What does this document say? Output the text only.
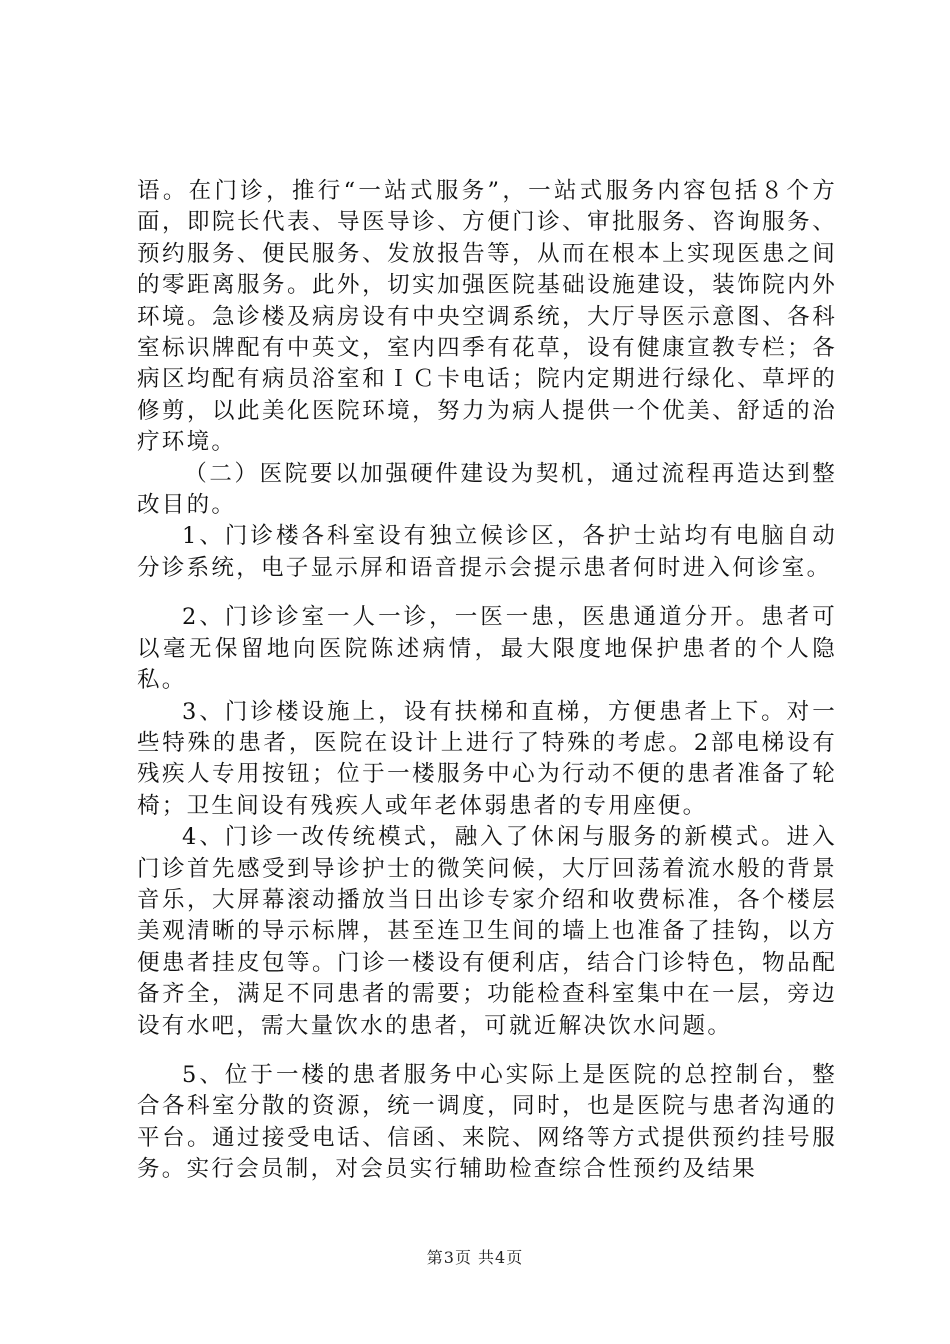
语。在门诊，推行“一站式服务”，一站式服务内容包括８个方面，即院长代表、导医导诊、方便门诊、审批服务、咨询服务、预约服务、便民服务、发放报告等，从而在根本上实现医患之间的零距离服务。此外，切实加强医院基础设施建设，装饰院内外环境。急诊楼及病房设有中央空调系统，大厅导医示意图、各科室标识牌配有中英文，室内四季有花草，设有健康宣教专栏；各病区均配有病员浴室和ＩＣ卡电话；院内定期进行绿化、草坪的修剪，以此美化医院环境，努力为病人提供一个优美、舒适的治疗环境。

（二）医院要以加强硬件建设为契机，通过流程再造达到整改目的。

1、门诊楼各科室设有独立候诊区，各护士站均有电脑自动分诊系统，电子显示屏和语音提示会提示患者何时进入何诊室。

2、门诊诊室一人一诊，一医一患，医患通道分开。患者可以毫无保留地向医院陈述病情，最大限度地保护患者的个人隐私。

3、门诊楼设施上，设有扶梯和直梯，方便患者上下。对一些特殊的患者，医院在设计上进行了特殊的考虑。2部电梯设有残疾人专用按钮；位于一楼服务中心为行动不便的患者准备了轮椅；卫生间设有残疾人或年老体弱患者的专用座便。

4、门诊一改传统模式，融入了休闲与服务的新模式。进入门诊首先感受到导诊护士的微笑问候，大厅回荡着流水般的背景音乐，大屏幕滚动播放当日出诊专家介绍和收费标准，各个楼层美观清晰的导示标牌，甚至连卫生间的墙上也准备了挂钩，以方便患者挂皮包等。门诊一楼设有便利店，结合门诊特色，物品配备齐全，满足不同患者的需要；功能检查科室集中在一层，旁边设有水吧，需大量饮水的患者，可就近解决饮水问题。

5、位于一楼的患者服务中心实际上是医院的总控制台，整合各科室分散的资源，统一调度，同时，也是医院与患者沟通的平台。通过接受电话、信函、来院、网络等方式提供预约挂号服务。实行会员制，对会员实行辅助检查综合性预约及结果

第3页 共4页
